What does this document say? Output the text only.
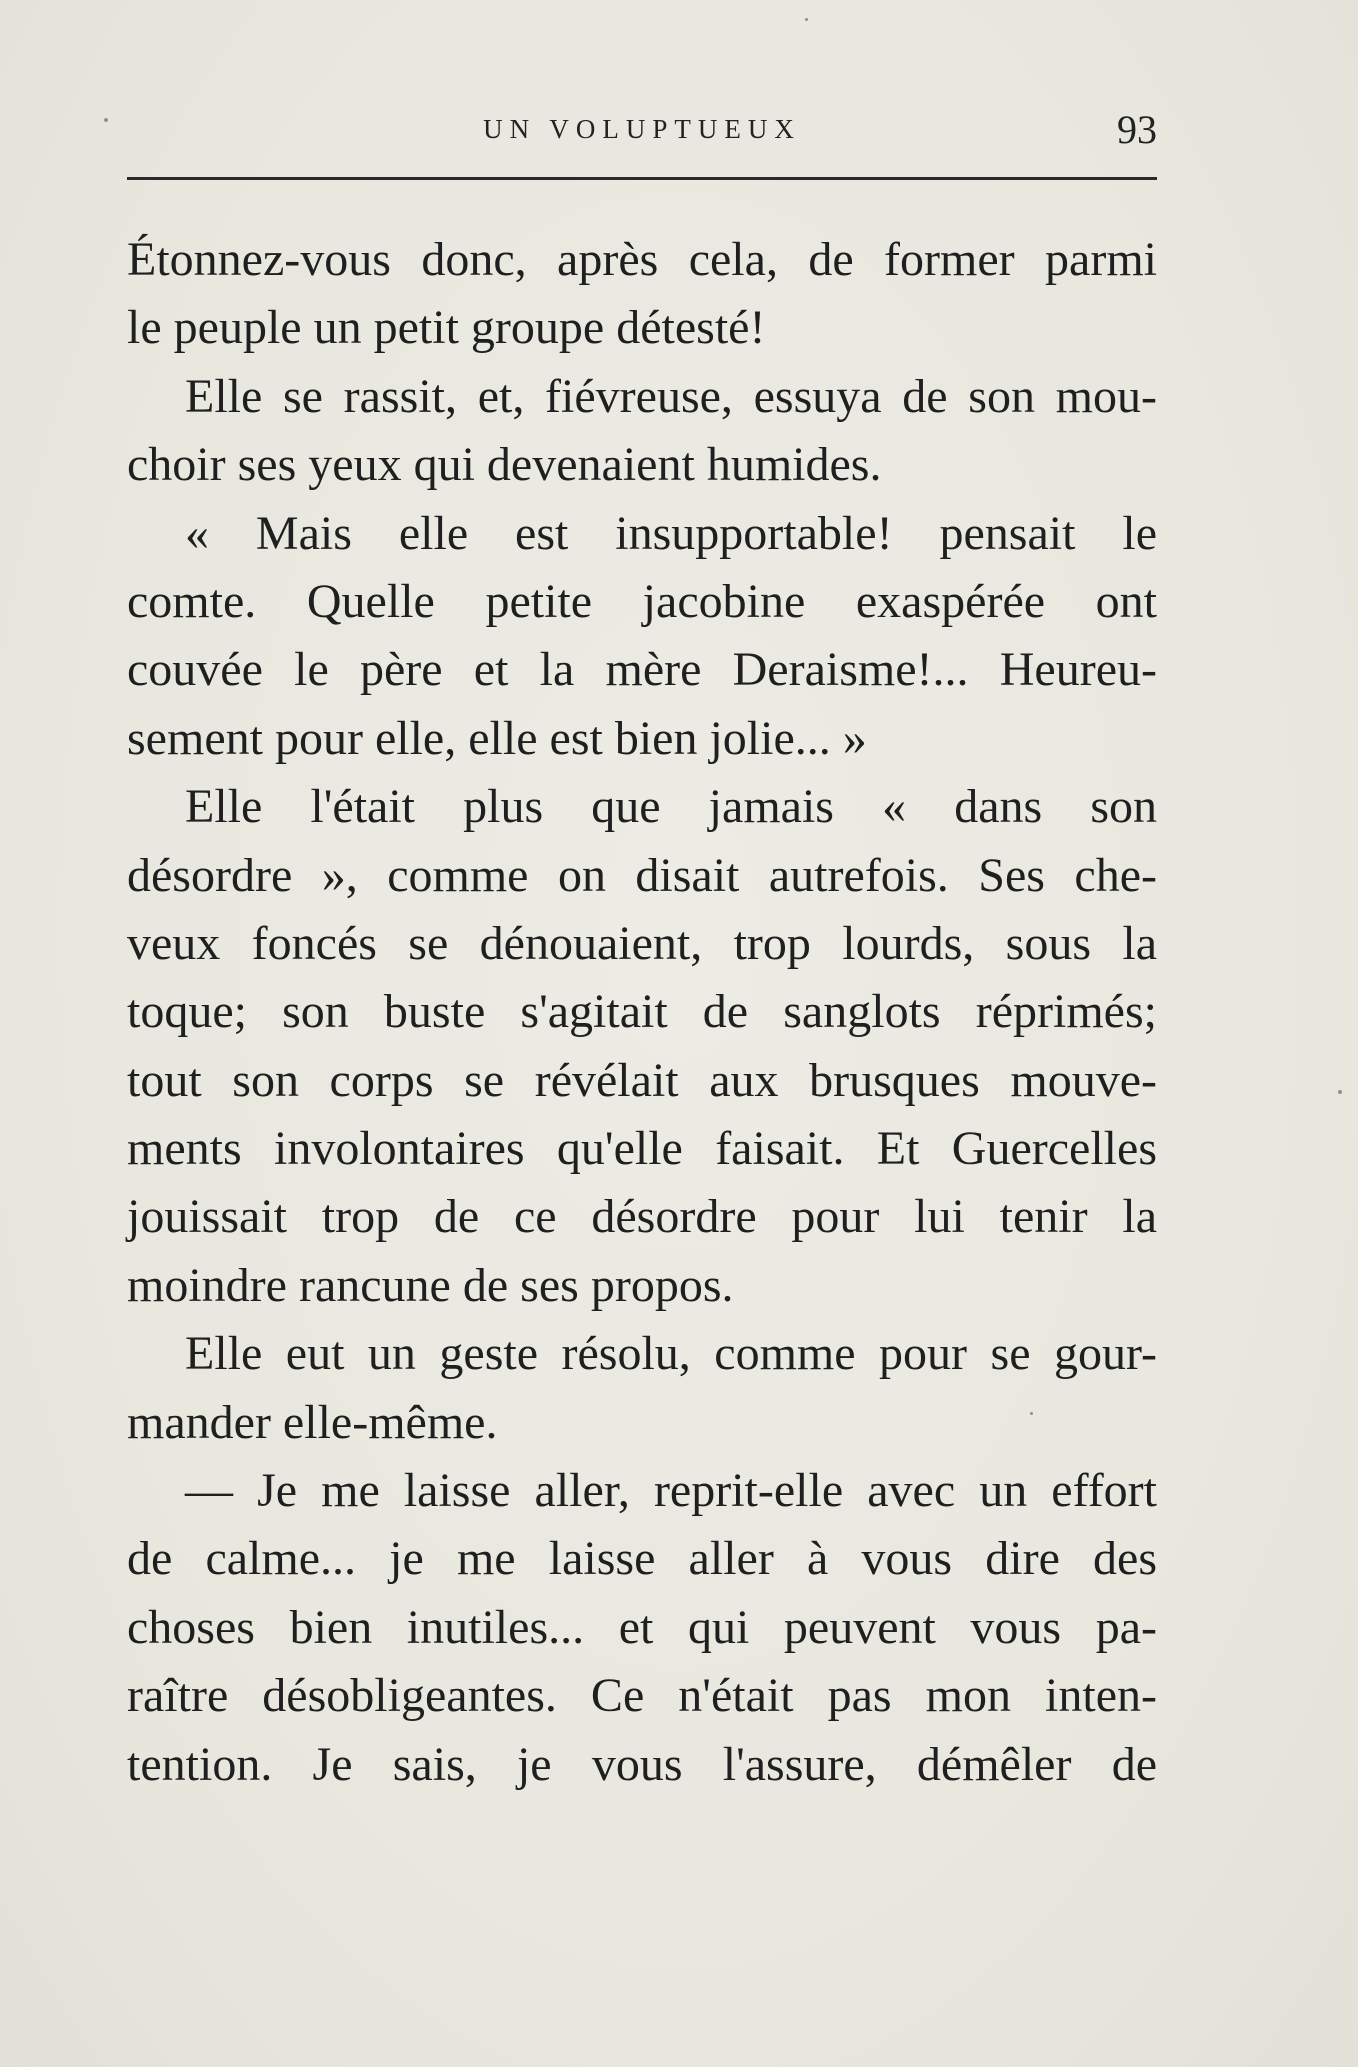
UN VOLUPTUEUX	93
Étonnez-vous donc, après cela, de former parmi
le peuple un petit groupe détesté!
Elle se rassit, et, fiévreuse, essuya de son mou-
choir ses yeux qui devenaient humides.
« Mais elle est insupportable! pensait le
comte. Quelle petite jacobine exaspérée ont
couvée le père et la mère Deraisme!... Heureu-
sement pour elle, elle est bien jolie... »
Elle l'était plus que jamais « dans son
désordre », comme on disait autrefois. Ses che-
veux foncés se dénouaient, trop lourds, sous la
toque; son buste s'agitait de sanglots réprimés;
tout son corps se révélait aux brusques mouve-
ments involontaires qu'elle faisait. Et Guercelles
jouissait trop de ce désordre pour lui tenir la
moindre rancune de ses propos.
Elle eut un geste résolu, comme pour se gour-
mander elle-même.
— Je me laisse aller, reprit-elle avec un effort
de calme... je me laisse aller à vous dire des
choses bien inutiles... et qui peuvent vous pa-
raître désobligeantes. Ce n'était pas mon inten-
tention. Je sais, je vous l'assure, démêler de
